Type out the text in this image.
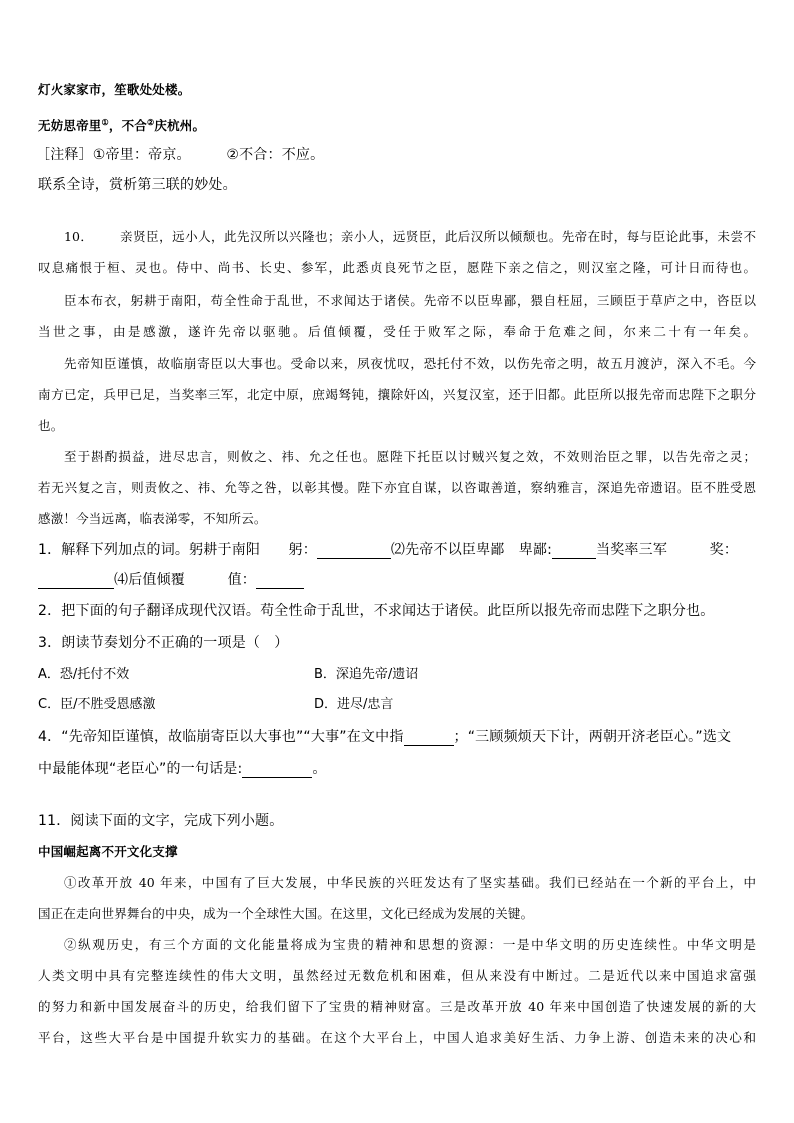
灯火家家市，笙歌处处楼。
无妨思帝里①，不合②庆杭州。
［注释］①帝里：帝京。　　　②不合：不应。
联系全诗，赏析第三联的妙处。
10． 亲贤臣，远小人，此先汉所以兴隆也；亲小人，远贤臣，此后汉所以倾颓也。先帝在时，每与臣论此事，未尝不
叹息痛恨于桓、灵也。侍中、尚书、长史、参军，此悉贞良死节之臣，愿陛下亲之信之，则汉室之隆，可计日而待也。
臣本布衣，躬耕于南阳，苟全性命于乱世，不求闻达于诸侯。先帝不以臣卑鄙，猥自枉屈，三顾臣于草庐之中，咨臣以
当世之事，由是感激，遂许先帝以驱驰。后值倾覆，受任于败军之际，奉命于危难之间，尔来二十有一年矣。
先帝知臣谨慎，故临崩寄臣以大事也。受命以来，夙夜忧叹，恐托付不效，以伤先帝之明，故五月渡泸，深入不毛。今
南方已定，兵甲已足，当奖率三军，北定中原，庶竭驽钝，攘除奸凶，兴复汉室，还于旧都。此臣所以报先帝而忠陛下之职分
也。
至于斟酌损益，进尽忠言，则攸之、祎、允之任也。愿陛下托臣以讨贼兴复之效，不效则治臣之罪，以告先帝之灵；
若无兴复之言，则责攸之、祎、允等之咎，以彰其慢。陛下亦宜自谋，以咨诹善道，察纳雅言，深追先帝遗诏。臣不胜受恩
感激！今当远离，临表涕零，不知所云。
1．解释下列加点的词。躬耕于南阳　　躬：	⑵先帝不以臣卑鄙　卑鄙:	当奖率三军　　　奖：
⑷后值倾覆　　　值：
2．把下面的句子翻译成现代汉语。苟全性命于乱世，不求闻达于诸侯。此臣所以报先帝而忠陛下之职分也。
3．朗读节奏划分不正确的一项是（　）
A．恐/托付不效	B．深追先帝/遗诏
C．臣/不胜受恩感激	D．进尽/忠言
4．“先帝知臣谨慎，故临崩寄臣以大事也”“大事”在文中指	；“三顾频烦天下计，两朝开济老臣心。”选文
中最能体现“老臣心”的一句话是:	。
11．阅读下面的文字，完成下列小题。
中国崛起离不开文化支撑
①改革开放 40 年来，中国有了巨大发展，中华民族的兴旺发达有了坚实基础。我们已经站在一个新的平台上，中
国正在走向世界舞台的中央，成为一个全球性大国。在这里，文化已经成为发展的关键。
②纵观历史，有三个方面的文化能量将成为宝贵的精神和思想的资源：一是中华文明的历史连续性。中华文明是
人类文明中具有完整连续性的伟大文明，虽然经过无数危机和困难，但从来没有中断过。二是近代以来中国追求富强
的努力和新中国发展奋斗的历史，给我们留下了宝贵的精神财富。三是改革开放 40 年来中国创造了快速发展的新的大
平台，这些大平台是中国提升软实力的基础。在这个大平台上，中国人追求美好生活、力争上游、创造未来的决心和
